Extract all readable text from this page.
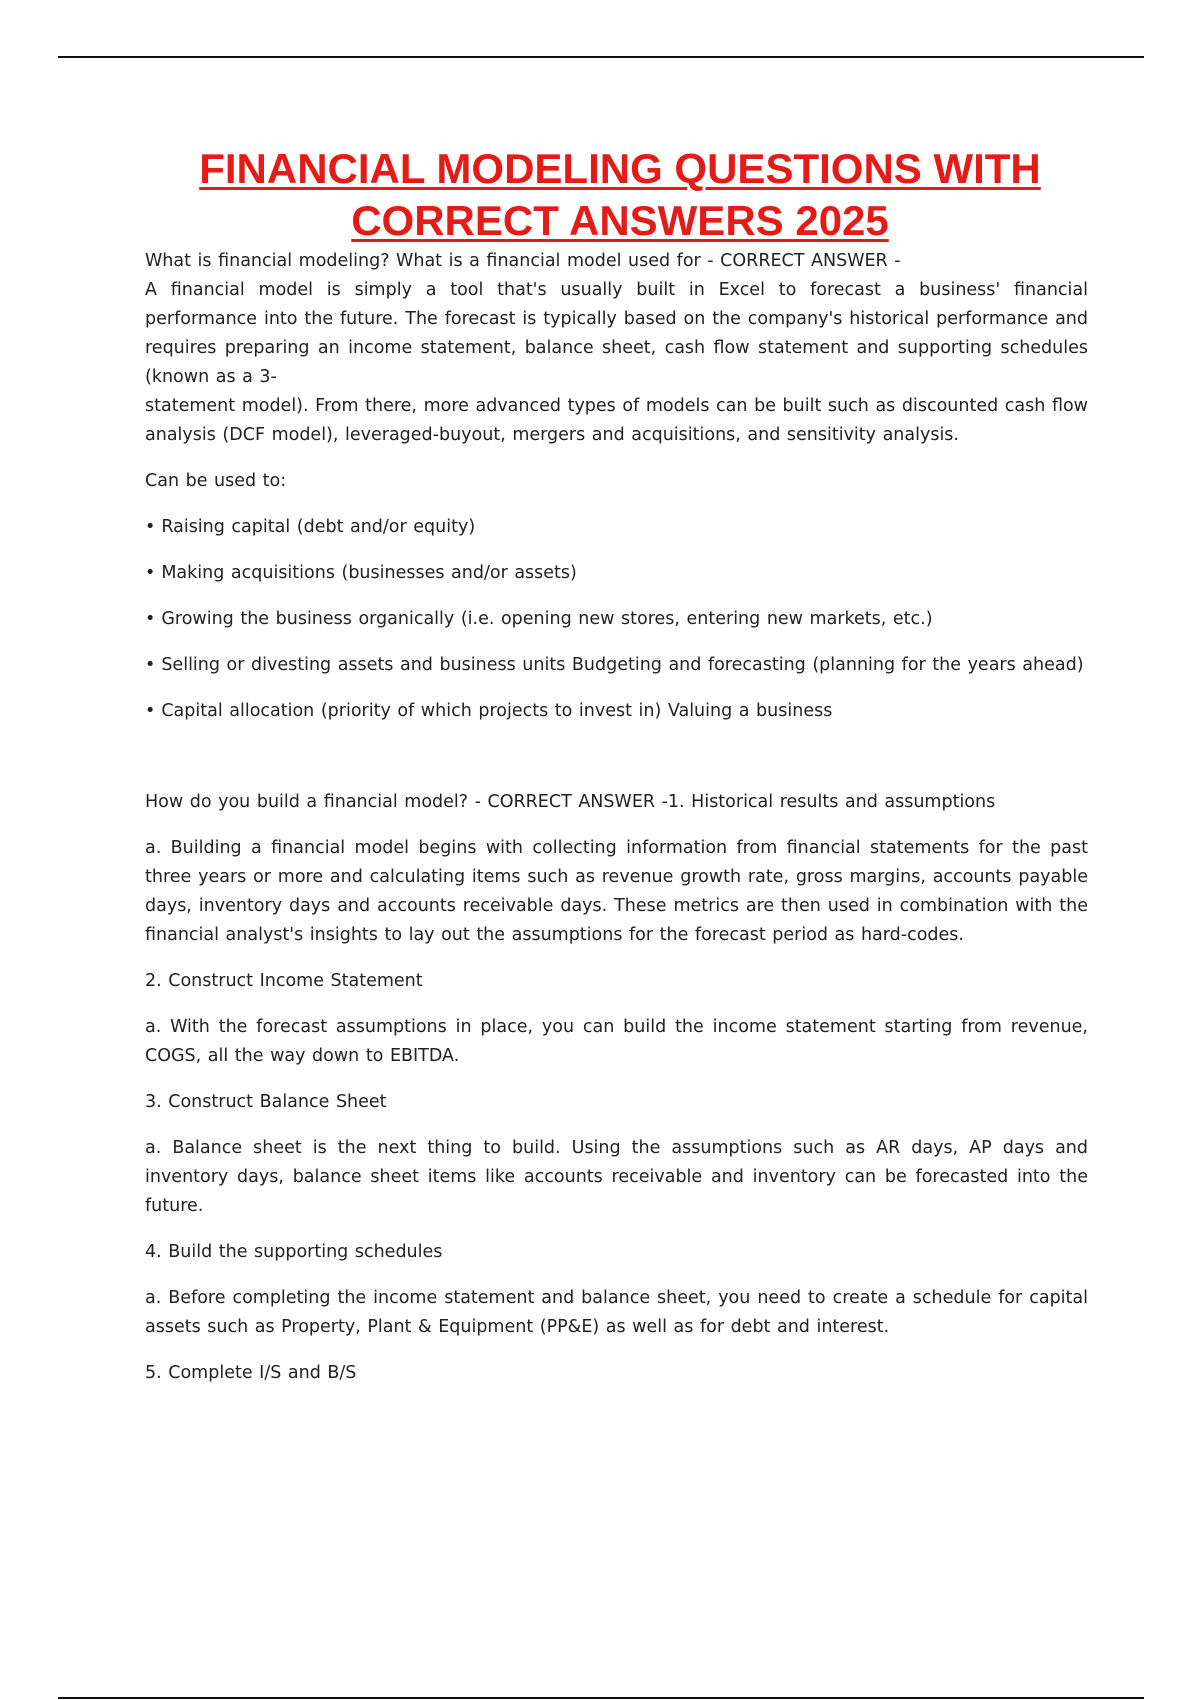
FINANCIAL MODELING QUESTIONS WITH
CORRECT ANSWERS 2025

What is financial modeling? What is a financial model used for - CORRECT ANSWER -

A financial model is simply a tool that's usually built in Excel to forecast a business' financial performance into the future. The forecast is typically based on the company's historical performance and requires preparing an income statement, balance sheet, cash flow statement and supporting schedules (known as a 3-

statement model). From there, more advanced types of models can be built such as discounted cash flow analysis (DCF model), leveraged-buyout, mergers and acquisitions, and sensitivity analysis.

Can be used to:

• Raising capital (debt and/or equity)

• Making acquisitions (businesses and/or assets)

• Growing the business organically (i.e. opening new stores, entering new markets, etc.)

• Selling or divesting assets and business units Budgeting and forecasting (planning for the years ahead)

• Capital allocation (priority of which projects to invest in) Valuing a business

How do you build a financial model? - CORRECT ANSWER -1. Historical results and assumptions

a. Building a financial model begins with collecting information from financial statements for the past three years or more and calculating items such as revenue growth rate, gross margins, accounts payable days, inventory days and accounts receivable days. These metrics are then used in combination with the financial analyst's insights to lay out the assumptions for the forecast period as hard-codes.

2. Construct Income Statement

a. With the forecast assumptions in place, you can build the income statement starting from revenue, COGS, all the way down to EBITDA.

3. Construct Balance Sheet

a. Balance sheet is the next thing to build. Using the assumptions such as AR days, AP days and inventory days, balance sheet items like accounts receivable and inventory can be forecasted into the future.

4. Build the supporting schedules

a. Before completing the income statement and balance sheet, you need to create a schedule for capital assets such as Property, Plant & Equipment (PP&E) as well as for debt and interest.

5. Complete I/S and B/S
